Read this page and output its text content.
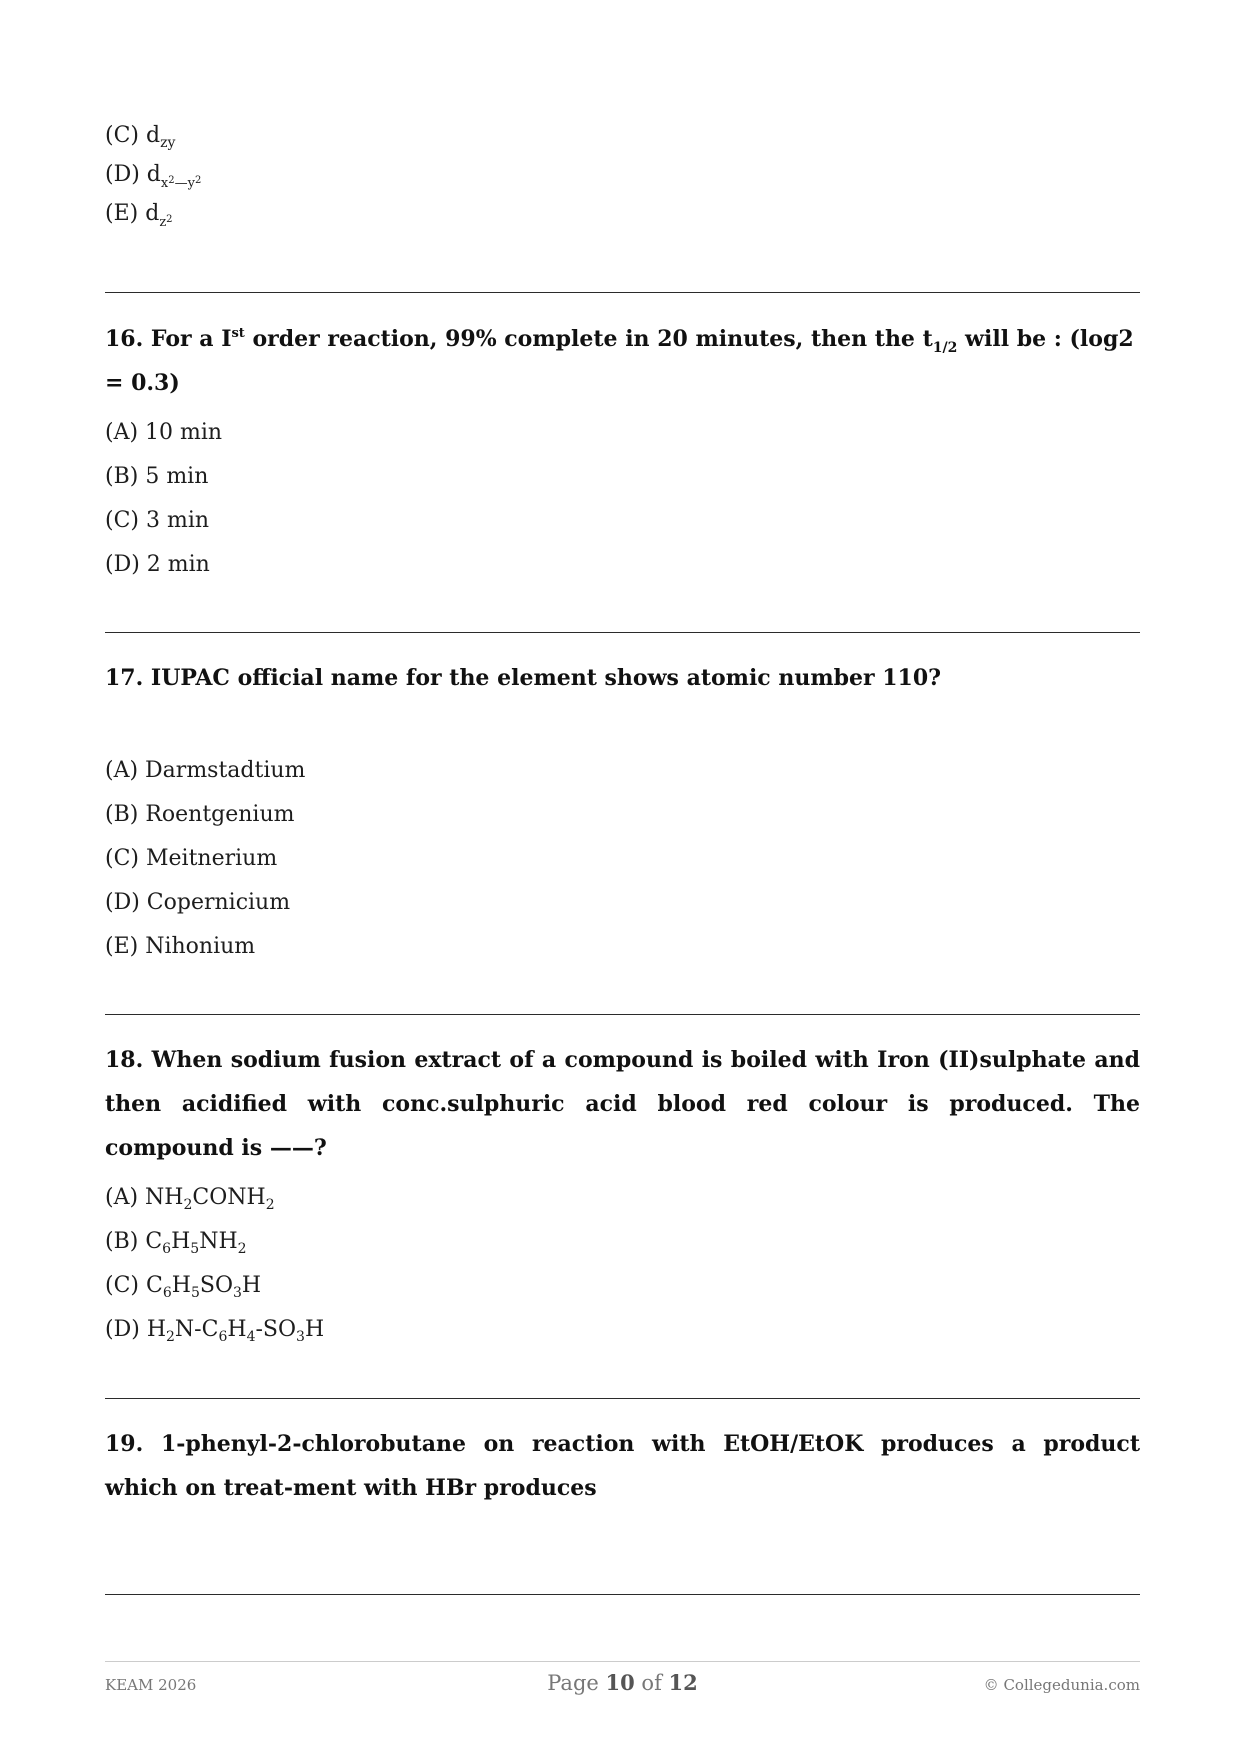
(C) $d_{zy}$
(D) $d_{x^2—y^2}$
(E) $d_{z^2}$
16. For a Ist order reaction, 99% complete in 20 minutes, then the $t_{1/2}$ will be : (log2 = 0.3)
(A) 10 min
(B) 5 min
(C) 3 min
(D) 2 min
17. IUPAC official name for the element shows atomic number 110?
(A) Darmstadtium
(B) Roentgenium
(C) Meitnerium
(D) Copernicium
(E) Nihonium
18. When sodium fusion extract of a compound is boiled with Iron (II)sulphate and then acidified with conc.sulphuric acid blood red colour is produced. The compound is ——?
(A) $NH_2CONH_2$
(B) $C_6H_5NH_2$
(C) $C_6H_5SO_3H$
(D) $H_2N-C_6H_4-SO_3H$
19. 1-phenyl-2-chlorobutane on reaction with EtOH/EtOK produces a product which on treat-ment with HBr produces
KEAM 2026	Page 10 of 12	© Collegedunia.com
